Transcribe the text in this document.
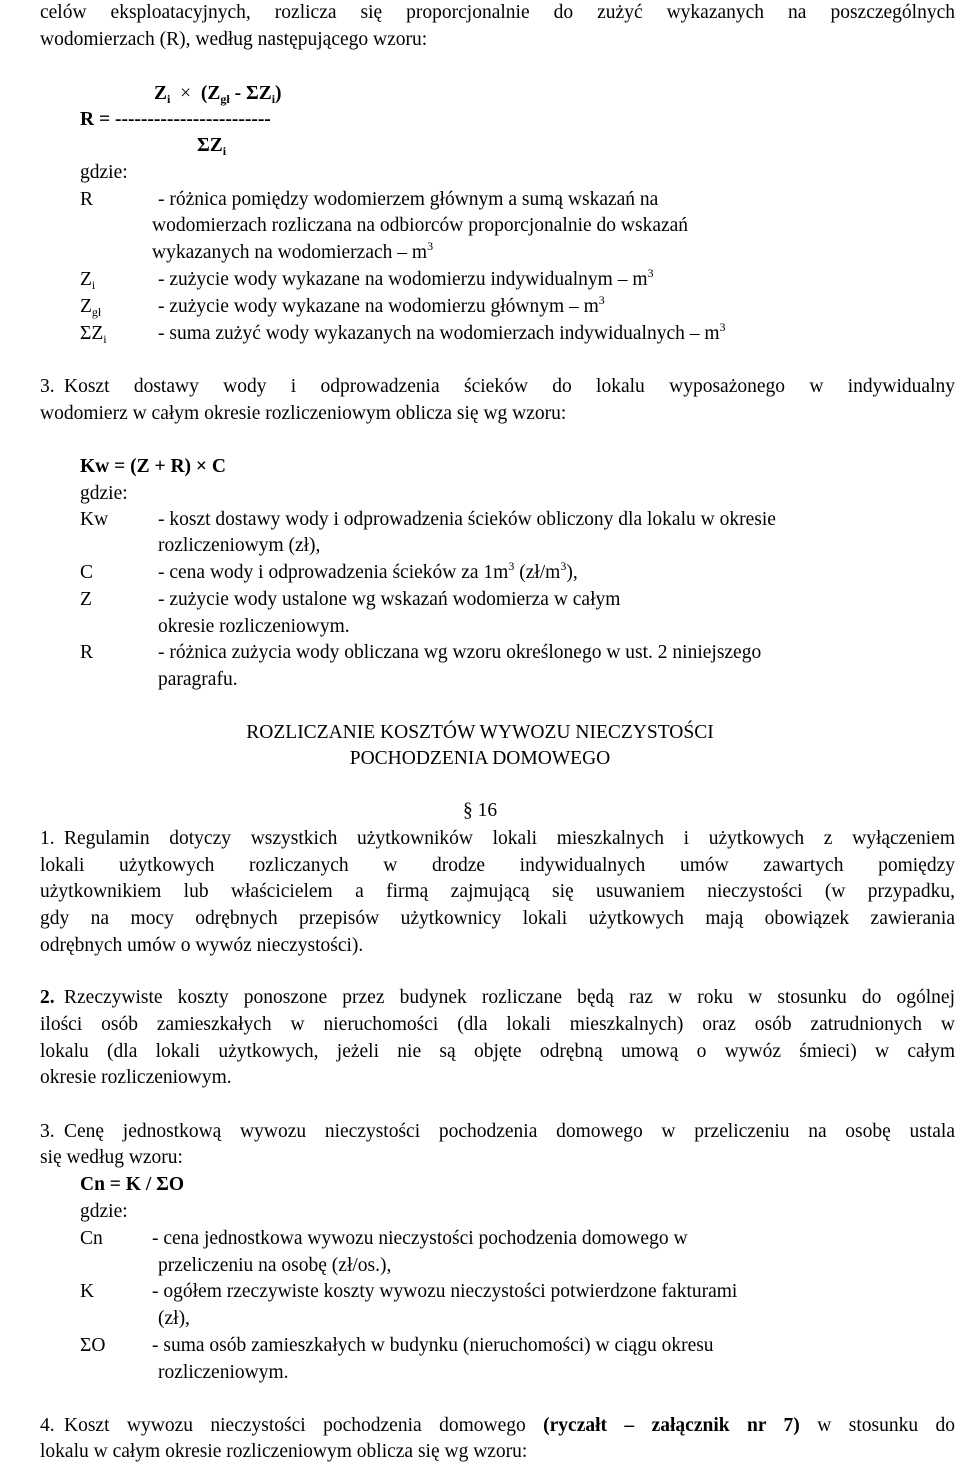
celów eksploatacyjnych, rozlicza się proporcjonalnie do zużyć wykazanych na poszczególnych
wodomierzach (R), według następującego wzoru:
$Z_i \times (Z_{gł} - \Sigma Z_i)$
R = ------------------------
$\Sigma Z_i$
gdzie:
R	- różnica pomiędzy wodomierzem głównym a sumą wskazań na
wodomierzach rozliczana na odbiorców proporcjonalnie do wskazań
wykazanych na wodomierzach – $m^3$
$Z_i$	- zużycie wody wykazane na wodomierzu indywidualnym – $m^3$
$Z_{gł}$	- zużycie wody wykazane na wodomierzu głównym – $m^3$
$\Sigma Z_i$	- suma zużyć wody wykazanych na wodomierzach indywidualnych – $m^3$
3. Koszt dostawy wody i odprowadzenia ścieków do lokalu wyposażonego w indywidualny
wodomierz w całym okresie rozliczeniowym oblicza się wg wzoru:
Kw = (Z + R) × C
gdzie:
Kw	- koszt dostawy wody i odprowadzenia ścieków obliczony dla lokalu w okresie
rozliczeniowym (zł),
C	- cena wody i odprowadzenia ścieków za $1m^3$ $(zł/m^3)$,
Z	- zużycie wody ustalone wg wskazań wodomierza w całym
okresie rozliczeniowym.
R	- różnica zużycia wody obliczana wg wzoru określonego w ust. 2 niniejszego
paragrafu.
ROZLICZANIE KOSZTÓW WYWOZU NIECZYSTOŚCI
POCHODZENIA DOMOWEGO
§ 16
1. Regulamin dotyczy wszystkich użytkowników lokali mieszkalnych i użytkowych z wyłączeniem
lokali użytkowych rozliczanych w drodze indywidualnych umów zawartych pomiędzy
użytkownikiem lub właścicielem a firmą zajmującą się usuwaniem nieczystości (w przypadku,
gdy na mocy odrębnych przepisów użytkownicy lokali użytkowych mają obowiązek zawierania
odrębnych umów o wywóz nieczystości).
2. Rzeczywiste koszty ponoszone przez budynek rozliczane będą raz w roku w stosunku do ogólnej
ilości osób zamieszkałych w nieruchomości (dla lokali mieszkalnych) oraz osób zatrudnionych w
lokalu (dla lokali użytkowych, jeżeli nie są objęte odrębną umową o wywóz śmieci) w całym
okresie rozliczeniowym.
3. Cenę jednostkową wywozu nieczystości pochodzenia domowego w przeliczeniu na osobę ustala
się według wzoru:
Cn = K / ΣO
gdzie:
Cn	- cena jednostkowa wywozu nieczystości pochodzenia domowego w
przeliczeniu na osobę (zł/os.),
K	- ogółem rzeczywiste koszty wywozu nieczystości potwierdzone fakturami
(zł),
ΣO - suma osób zamieszkałych w budynku (nieruchomości) w ciągu okresu
rozliczeniowym.
4. Koszt wywozu nieczystości pochodzenia domowego (ryczałt – załącznik nr 7) w stosunku do
lokalu w całym okresie rozliczeniowym oblicza się wg wzoru:
